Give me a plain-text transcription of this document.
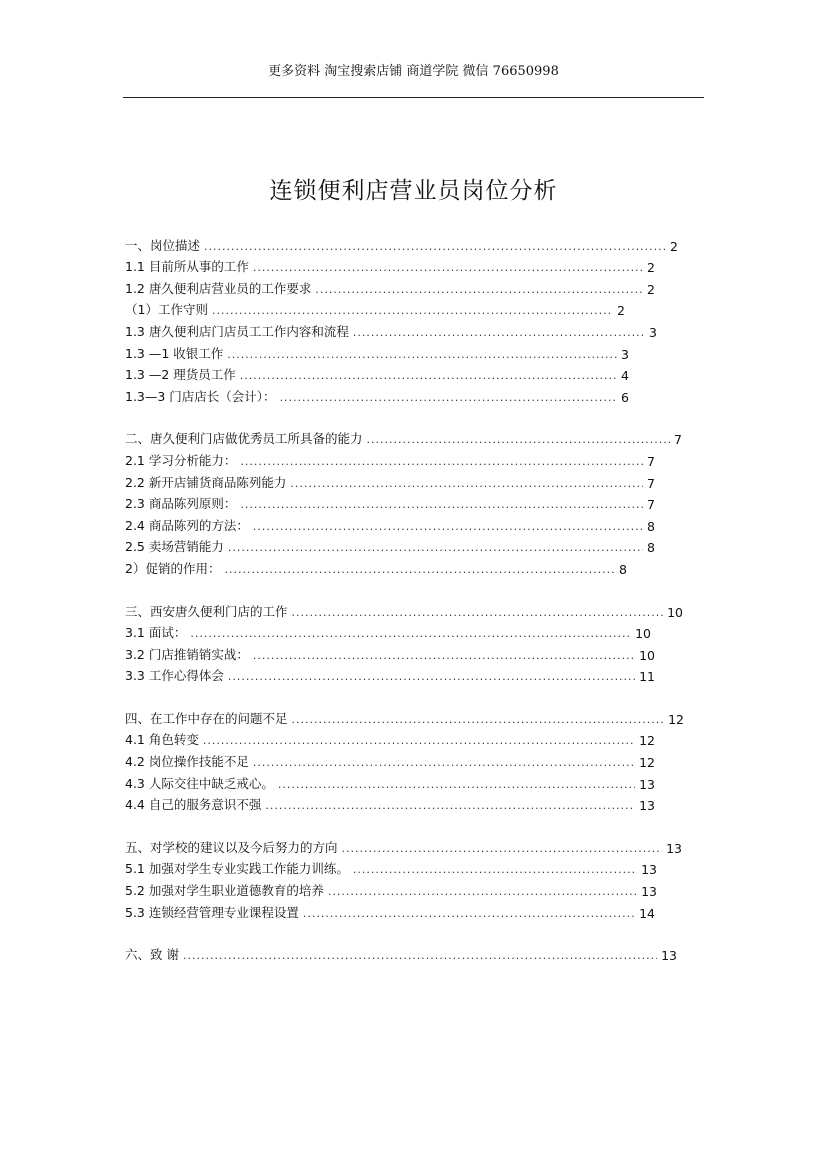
更多资料 淘宝搜索店铺 商道学院 微信 76650998
连锁便利店营业员岗位分析
一、岗位描述 .....	2
1.1 目前所从事的工作 .....	2
1.2 唐久便利店营业员的工作要求 .....	2
（1）工作守则 .....	2
1.3 唐久便利店门店员工工作内容和流程 .....	3
1.3 —1 收银工作 .....	3
1.3 —2 理货员工作 .....	4
1.3—3 门店店长（会计）： .....	6
二、唐久便利门店做优秀员工所具备的能力 .....	7
2.1 学习分析能力： .....	7
2.2 新开店铺货商品陈列能力 .....	7
2.3 商品陈列原则： .....	7
2.4 商品陈列的方法： .....	8
2.5 卖场营销能力 .....	8
2）促销的作用： .....	8
三、西安唐久便利门店的工作 .....	10
3.1 面试： .....	10
3.2 门店推销销实战： .....	10
3.3 工作心得体会 .....	11
四、在工作中存在的问题不足 .....	12
4.1 角色转变 .....	12
4.2 岗位操作技能不足 .....	12
4.3 人际交往中缺乏戒心。 .....	13
4.4 自己的服务意识不强 .....	13
五、对学校的建议以及今后努力的方向 .....	13
5.1 加强对学生专业实践工作能力训练。 .....	13
5.2 加强对学生职业道德教育的培养 .....	13
5.3 连锁经营管理专业课程设置 .....	14
六、致 谢 .....	13
